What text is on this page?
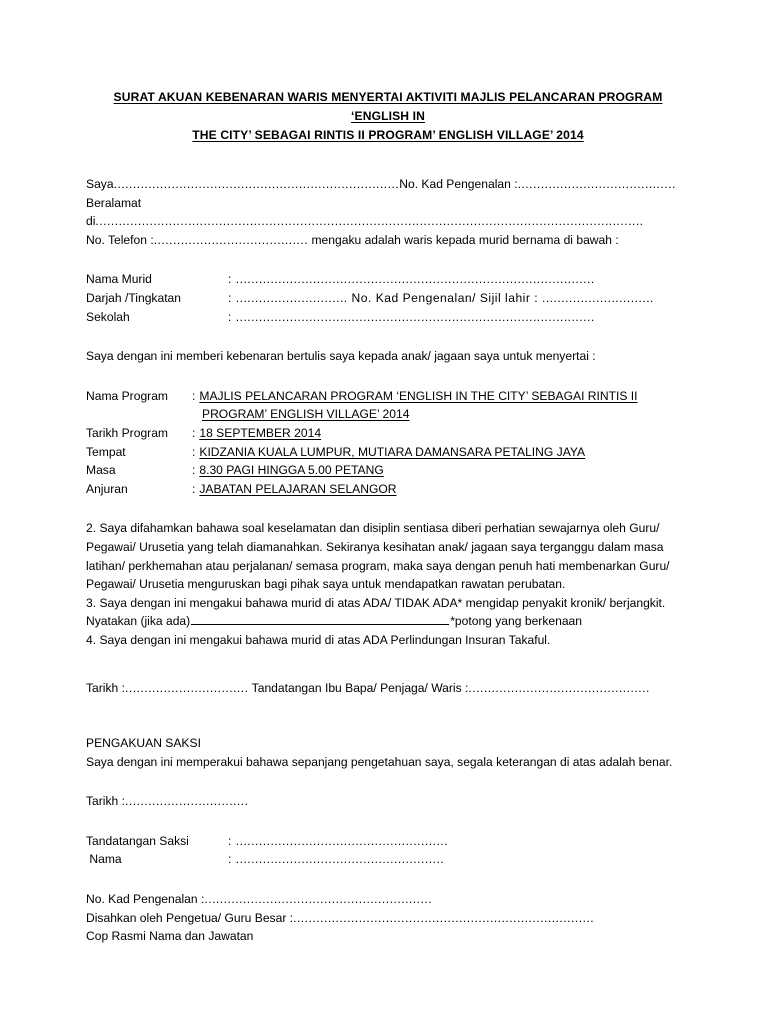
SURAT AKUAN KEBENARAN WARIS MENYERTAI AKTIVITI MAJLIS PELANCARAN PROGRAM ‘ENGLISH IN
THE CITY’ SEBAGAI RINTIS II PROGRAM’ ENGLISH VILLAGE’ 2014
Saya..........................................................................No. Kad Pengenalan :.........................................
Beralamat di..............................................................................................................................................
No. Telefon :........................................ mengaku adalah waris kepada murid bernama di bawah :
Nama Murid	: .............................................................................................
Darjah /Tingkatan	: ............................. No. Kad Pengenalan/ Sijil lahir : .............................
Sekolah	: .............................................................................................

Saya dengan ini memberi kebenaran bertulis saya kepada anak/ jagaan saya untuk menyertai :

Nama Program	: MAJLIS PELANCARAN PROGRAM ‘ENGLISH IN THE CITY’ SEBAGAI RINTIS II
PROGRAM’ ENGLISH VILLAGE’ 2014
Tarikh Program	: 18 SEPTEMBER 2014
Tempat	: KIDZANIA KUALA LUMPUR, MUTIARA DAMANSARA PETALING JAYA
Masa	: 8.30 PAGI HINGGA 5.00 PETANG
Anjuran	: JABATAN PELAJARAN SELANGOR

2. Saya difahamkan bahawa soal keselamatan dan disiplin sentiasa diberi perhatian sewajarnya oleh Guru/ Pegawai/ Urusetia yang telah diamanahkan. Sekiranya kesihatan anak/ jagaan saya terganggu dalam masa latihan/ perkhemahan atau perjalanan/ semasa program, maka saya dengan penuh hati membenarkan Guru/ Pegawai/ Urusetia menguruskan bagi pihak saya untuk mendapatkan rawatan perubatan.

3. Saya dengan ini mengakui bahawa murid di atas ADA/ TIDAK ADA* mengidap penyakit kronik/ berjangkit. Nyatakan (jika ada)	*potong yang berkenaan

4. Saya dengan ini mengakui bahawa murid di atas ADA Perlindungan Insuran Takaful.

Tarikh :................................ Tandatangan Ibu Bapa/ Penjaga/ Waris :...............................................

PENGAKUAN SAKSI

Saya dengan ini memperakui bahawa sepanjang pengetahuan saya, segala keterangan di atas adalah benar.

Tarikh :................................
Tandatangan Saksi	: .......................................................
Nama	: ......................................................
No. Kad Pengenalan :...........................................................
Disahkan oleh Pengetua/ Guru Besar :..............................................................................
Cop Rasmi Nama dan Jawatan
